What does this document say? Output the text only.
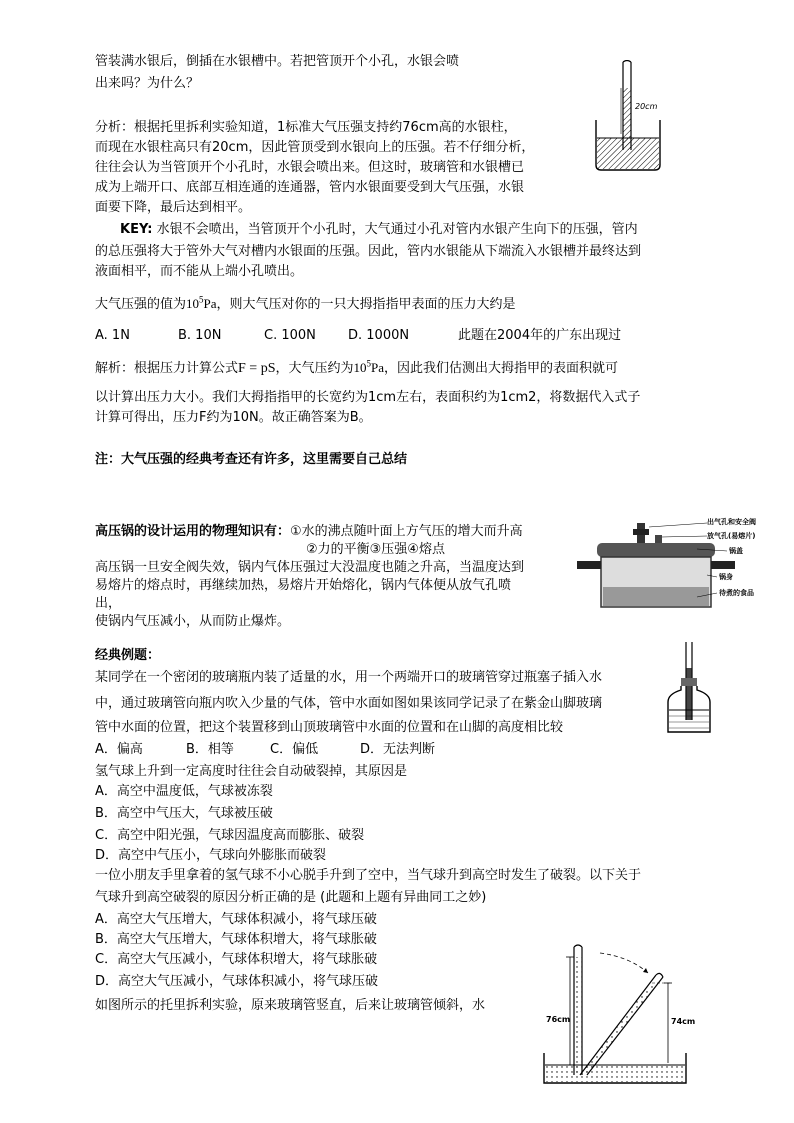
管装满水银后，倒插在水银槽中。若把管顶开个小孔，水银会喷
出来吗？为什么？
20cm
分析：根据托里拆利实验知道，1标准大气压强支持约76cm高的水银柱，
而现在水银柱高只有20cm，因此管顶受到水银向上的压强。若不仔细分析，
往往会认为当管顶开个小孔时，水银会喷出来。但这时，玻璃管和水银槽已
成为上端开口、底部互相连通的连通器，管内水银面要受到大气压强，水银
面要下降，最后达到相平。
KEY: 水银不会喷出，当管顶开个小孔时，大气通过小孔对管内水银产生向下的压强，管内
的总压强将大于管外大气对槽内水银面的压强。因此，管内水银能从下端流入水银槽并最终达到
液面相平，而不能从上端小孔喷出。
大气压强的值为$10^5Pa$，则大气压对你的一只大拇指指甲表面的压力大约是
A. 1N	B. 10N	C. 100N D. 1000N	此题在2004年的广东出现过
解析：根据压力计算公式F = pS，大气压约为$10^5Pa$，因此我们估测出大拇指甲的表面积就可
以计算出压力大小。我们大拇指指甲的长宽约为1cm左右，表面积约为1cm2，将数据代入式子
计算可得出，压力F约为10N。故正确答案为B。
注：大气压强的经典考查还有许多，这里需要自己总结
高压锅的设计运用的物理知识有：①水的沸点随叶面上方气压的增大而升高
②力的平衡③压强④熔点
高压锅一旦安全阀失效，锅内气体压强过大没温度也随之升高，当温度达到
易熔片的熔点时，再继续加热，易熔片开始熔化，锅内气体便从放气孔喷
出，
使锅内气压减小，从而防止爆炸。
出气孔和安全阀
放气孔(易熔片)
锅盖
锅身
待煮的食品
经典例题：
某同学在一个密闭的玻璃瓶内装了适量的水，用一个两端开口的玻璃管穿过瓶塞子插入水
中，通过玻璃管向瓶内吹入少量的气体，管中水面如图如果该同学记录了在紫金山脚玻璃
管中水面的位置，把这个装置移到山顶玻璃管中水面的位置和在山脚的高度相比较
A．偏高	B．相等	C．偏低	D．无法判断
氢气球上升到一定高度时往往会自动破裂掉，其原因是
A．高空中温度低，气球被冻裂
B．高空中气压大，气球被压破
C．高空中阳光强，气球因温度高而膨胀、破裂
D．高空中气压小，气球向外膨胀而破裂
一位小朋友手里拿着的氢气球不小心脱手升到了空中，当气球升到高空时发生了破裂。以下关于
气球升到高空破裂的原因分析正确的是 (此题和上题有异曲同工之妙)
A．高空大气压增大，气球体积减小，将气球压破
B．高空大气压增大，气球体积增大，将气球胀破
C．高空大气压减小，气球体积增大，将气球胀破
D．高空大气压减小，气球体积减小，将气球压破
如图所示的托里拆利实验，原来玻璃管竖直，后来让玻璃管倾斜，水
76cm	74cm
